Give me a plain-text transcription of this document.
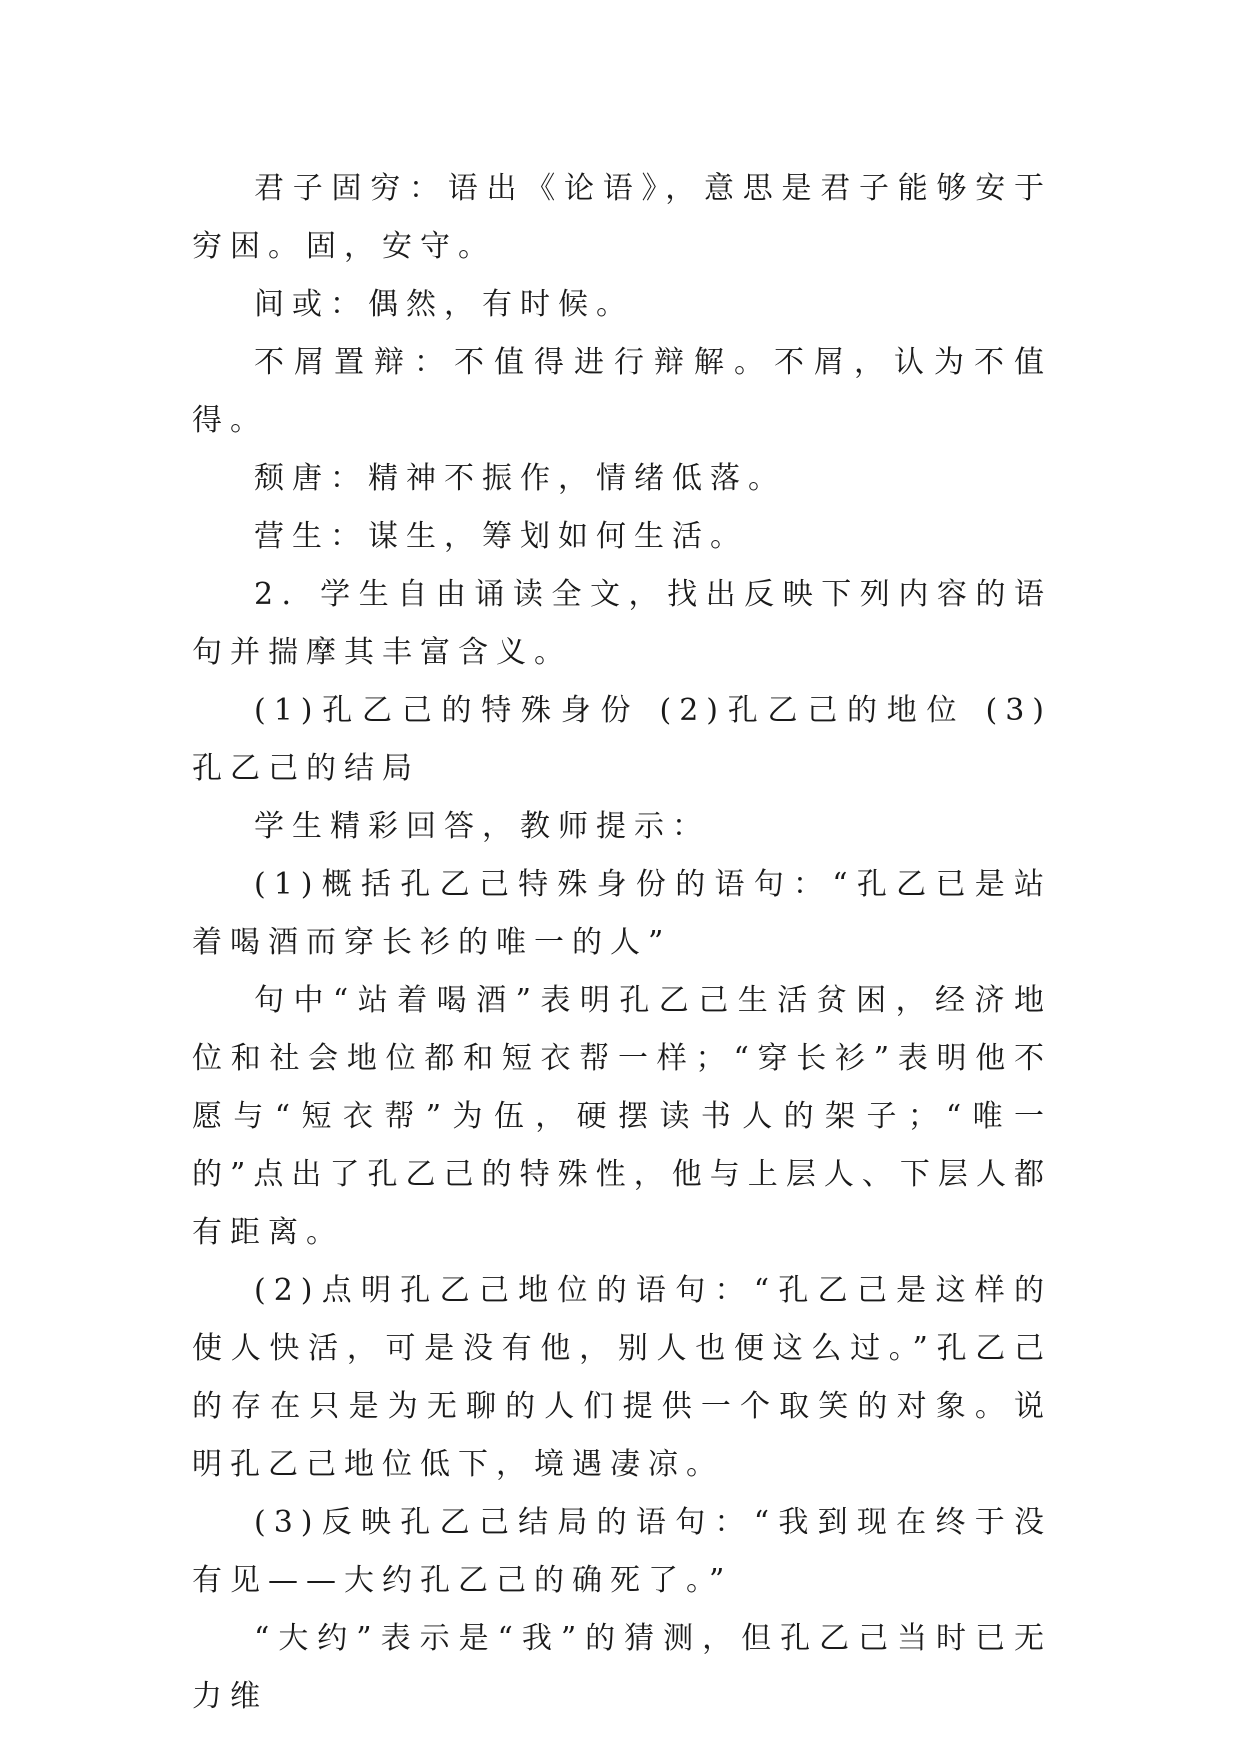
君子固穷：语出《论语》，意思是君子能够安于穷困。固，安守。

间或：偶然，有时候。

不屑置辩：不值得进行辩解。不屑，认为不值得。

颓唐：精神不振作，情绪低落。

营生：谋生，筹划如何生活。

2．学生自由诵读全文，找出反映下列内容的语句并揣摩其丰富含义。

(1)孔乙己的特殊身份 (2)孔乙己的地位 (3)孔乙己的结局

学生精彩回答，教师提示：

(1)概括孔乙己特殊身份的语句：“孔乙已是站着喝酒而穿长衫的唯一的人”

句中“站着喝酒”表明孔乙己生活贫困，经济地位和社会地位都和短衣帮一样；“穿长衫”表明他不愿与“短衣帮”为伍，硬摆读书人的架子；“唯一的”点出了孔乙己的特殊性，他与上层人、下层人都有距离。

(2)点明孔乙己地位的语句：“孔乙己是这样的使人快活，可是没有他，别人也便这么过。”孔乙己的存在只是为无聊的人们提供一个取笑的对象。说明孔乙己地位低下，境遇凄凉。

(3)反映孔乙己结局的语句：“我到现在终于没有见——大约孔乙己的确死了。”

“大约”表示是“我”的猜测，但孔乙己当时已无力维
